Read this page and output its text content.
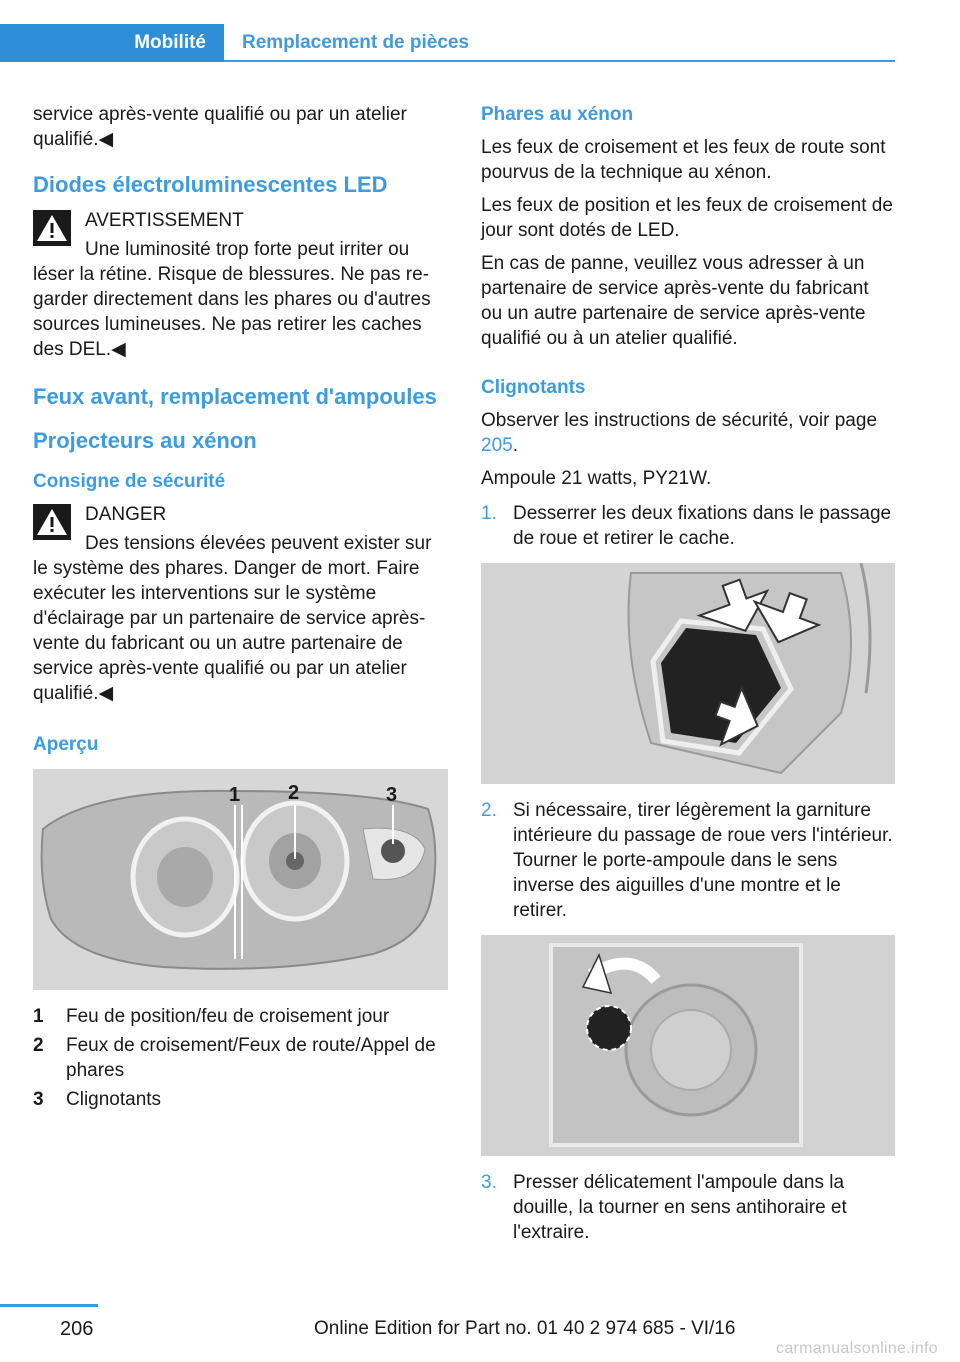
Mobilité	Remplacement de pièces

service après-vente qualifié ou par un atelier qualifié.◀

Diodes électroluminescentes LED
AVERTISSEMENT

Une luminosité trop forte peut irriter ou léser la rétine. Risque de blessures. Ne pas regarder directement dans les phares ou d'autres sources lumineuses. Ne pas retirer les caches des DEL.◀

Feux avant, remplacement d'ampoules
Projecteurs au xénon
Consigne de sécurité
DANGER

Des tensions élevées peuvent exister sur le système des phares. Danger de mort. Faire exécuter les interventions sur le système d'éclairage par un partenaire de service après-vente du fabricant ou un autre partenaire de service après-vente qualifié ou par un atelier qualifié.◀

Aperçu
1 2	3
1	Feu de position/feu de croisement jour
2	Feux de croisement/Feux de route/Appel de phares
3	Clignotants
Phares au xénon

Les feux de croisement et les feux de route sont pourvus de la technique au xénon.

Les feux de position et les feux de croisement de jour sont dotés de LED.

En cas de panne, veuillez vous adresser à un partenaire de service après-vente du fabricant ou un autre partenaire de service après-vente qualifié ou à un atelier qualifié.

Clignotants

Observer les instructions de sécurité, voir page 205.

Ampoule 21 watts, PY21W.

1. Desserrer les deux fixations dans le passage de roue et retirer le cache.
2. Si nécessaire, tirer légèrement la garniture intérieure du passage de roue vers l'intérieur. Tourner le porte-ampoule dans le sens inverse des aiguilles d'une montre et le retirer.
3. Presser délicatement l'ampoule dans la douille, la tourner en sens antihoraire et l'extraire.
206	Online Edition for Part no. 01 40 2 974 685 - VI/16
carmanualsonline.info
